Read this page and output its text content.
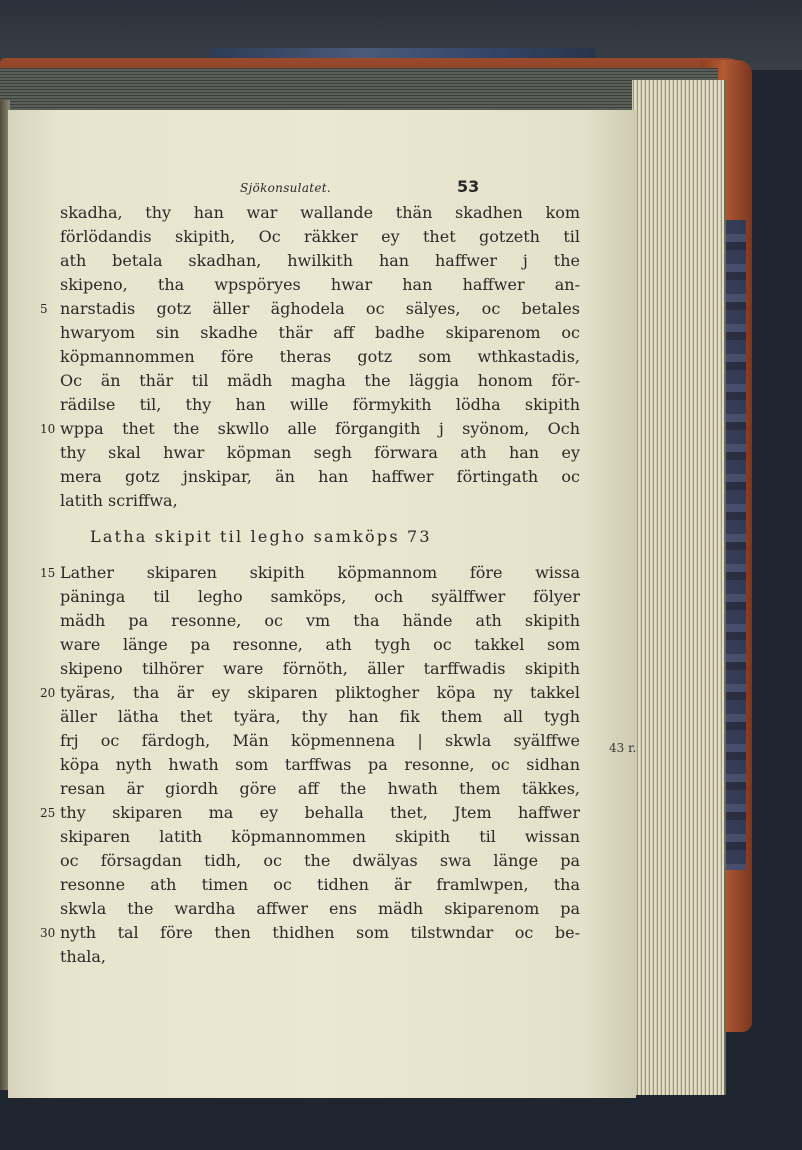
Sjökonsulatet.	53
skadha, thy han war wallande thän skadhen kom
förlödandis skipith, Oc räkker ey thet gotzeth til
ath betala skadhan, hwilkith han haffwer j the
skipeno, tha wpspöryes hwar han haffwer an-
5 narstadis gotz äller äghodela oc sälyes, oc betales
hwaryom sin skadhe thär aff badhe skiparenom oc
köpmannommen före theras gotz som wthkastadis,
Oc än thär til mädh magha the läggia honom för-
rädilse til, thy han wille förmykith lödha skipith
10 wppa thet the skwllo alle förgangith j syönom, Och
thy skal hwar köpman segh förwara ath han ey
mera gotz jnskipar, än han haffwer förtingath oc
latith scriffwa,
Latha skipit til legho samköps 73
15 Lather skiparen skipith köpmannom före wissa
päninga til legho samköps, och syälffwer fölyer
mädh pa resonne, oc vm tha hände ath skipith
ware länge pa resonne, ath tygh oc takkel som
skipeno tilhörer ware förnöth, äller tarffwadis skipith
20 tyäras, tha är ey skiparen pliktogher köpa ny takkel
äller lätha thet tyära, thy han fik them all tygh
frj oc färdogh, Män köpmennena | skwla syälffwe
köpa nyth hwath som tarffwas pa resonne, oc sidhan
resan är giordh göre aff the hwath them täkkes,
25 thy skiparen ma ey behalla thet, Jtem haffwer
skiparen latith köpmannommen skipith til wissan
oc försagdan tidh, oc the dwälyas swa länge pa
resonne ath timen oc tidhen är framlwpen, tha
skwla the wardha affwer ens mädh skiparenom pa
30 nyth tal före then thidhen som tilstwndar oc be-
thala,
43 r.
